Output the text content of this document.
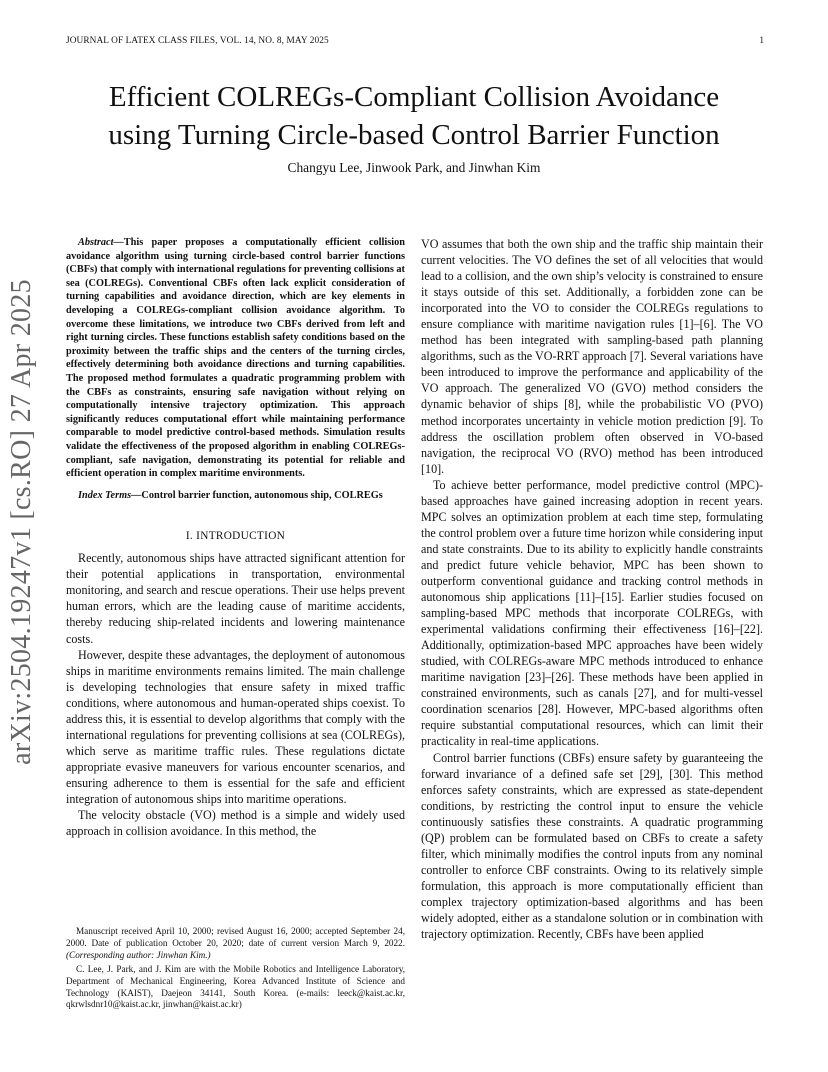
JOURNAL OF LATEX CLASS FILES, VOL. 14, NO. 8, MAY 2025	1
arXiv:2504.19247v1 [cs.RO] 27 Apr 2025
Efficient COLREGs-Compliant Collision Avoidance
using Turning Circle-based Control Barrier Function
Changyu Lee, Jinwook Park, and Jinwhan Kim

Abstract—This paper proposes a computationally efficient collision avoidance algorithm using turning circle-based control barrier functions (CBFs) that comply with international regulations for preventing collisions at sea (COLREGs). Conventional CBFs often lack explicit consideration of turning capabilities and avoidance direction, which are key elements in developing a COLREGs-compliant collision avoidance algorithm. To overcome these limitations, we introduce two CBFs derived from left and right turning circles. These functions establish safety conditions based on the proximity between the traffic ships and the centers of the turning circles, effectively determining both avoidance directions and turning capabilities. The proposed method formulates a quadratic programming problem with the CBFs as constraints, ensuring safe navigation without relying on computationally intensive trajectory optimization. This approach significantly reduces computational effort while maintaining performance comparable to model predictive control-based methods. Simulation results validate the effectiveness of the proposed algorithm in enabling COLREGs-compliant, safe navigation, demonstrating its potential for reliable and efficient operation in complex maritime environments.

Index Terms—Control barrier function, autonomous ship, COLREGs

I. INTRODUCTION

Recently, autonomous ships have attracted significant attention for their potential applications in transportation, environmental monitoring, and search and rescue operations. Their use helps prevent human errors, which are the leading cause of maritime accidents, thereby reducing ship-related incidents and lowering maintenance costs.

However, despite these advantages, the deployment of autonomous ships in maritime environments remains limited. The main challenge is developing technologies that ensure safety in mixed traffic conditions, where autonomous and human-operated ships coexist. To address this, it is essential to develop algorithms that comply with the international regulations for preventing collisions at sea (COLREGs), which serve as maritime traffic rules. These regulations dictate appropriate evasive maneuvers for various encounter scenarios, and ensuring adherence to them is essential for the safe and efficient integration of autonomous ships into maritime operations.

The velocity obstacle (VO) method is a simple and widely used approach in collision avoidance. In this method, the

Manuscript received April 10, 2000; revised August 16, 2000; accepted September 24, 2000. Date of publication October 20, 2020; date of current version March 9, 2022. (Corresponding author: Jinwhan Kim.)

C. Lee, J. Park, and J. Kim are with the Mobile Robotics and Intelligence Laboratory, Department of Mechanical Engineering, Korea Advanced Institute of Science and Technology (KAIST), Daejeon 34141, South Korea. (e-mails: leeck@kaist.ac.kr, qkrwlsdnr10@kaist.ac.kr, jinwhan@kaist.ac.kr)

VO assumes that both the own ship and the traffic ship maintain their current velocities. The VO defines the set of all velocities that would lead to a collision, and the own ship’s velocity is constrained to ensure it stays outside of this set. Additionally, a forbidden zone can be incorporated into the VO to consider the COLREGs regulations to ensure compliance with maritime navigation rules [1]–[6]. The VO method has been integrated with sampling-based path planning algorithms, such as the VO-RRT approach [7]. Several variations have been introduced to improve the performance and applicability of the VO approach. The generalized VO (GVO) method considers the dynamic behavior of ships [8], while the probabilistic VO (PVO) method incorporates uncertainty in vehicle motion prediction [9]. To address the oscillation problem often observed in VO-based navigation, the reciprocal VO (RVO) method has been introduced [10].

To achieve better performance, model predictive control (MPC)-based approaches have gained increasing adoption in recent years. MPC solves an optimization problem at each time step, formulating the control problem over a future time horizon while considering input and state constraints. Due to its ability to explicitly handle constraints and predict future vehicle behavior, MPC has been shown to outperform conventional guidance and tracking control methods in autonomous ship applications [11]–[15]. Earlier studies focused on sampling-based MPC methods that incorporate COLREGs, with experimental validations confirming their effectiveness [16]–[22]. Additionally, optimization-based MPC approaches have been widely studied, with COLREGs-aware MPC methods introduced to enhance maritime navigation [23]–[26]. These methods have been applied in constrained environments, such as canals [27], and for multi-vessel coordination scenarios [28]. However, MPC-based algorithms often require substantial computational resources, which can limit their practicality in real-time applications.

Control barrier functions (CBFs) ensure safety by guaranteeing the forward invariance of a defined safe set [29], [30]. This method enforces safety constraints, which are expressed as state-dependent conditions, by restricting the control input to ensure the vehicle continuously satisfies these constraints. A quadratic programming (QP) problem can be formulated based on CBFs to create a safety filter, which minimally modifies the control inputs from any nominal controller to enforce CBF constraints. Owing to its relatively simple formulation, this approach is more computationally efficient than complex trajectory optimization-based algorithms and has been widely adopted, either as a standalone solution or in combination with trajectory optimization. Recently, CBFs have been applied
